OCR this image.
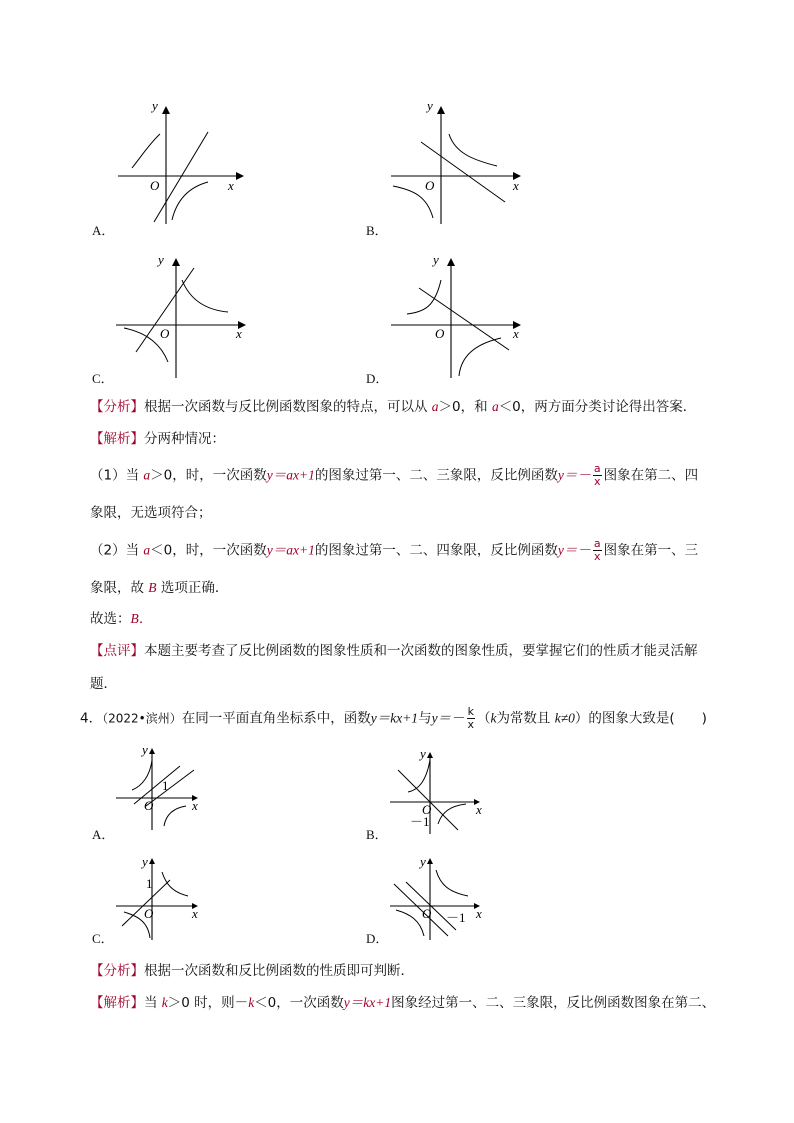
y
x
O
A．
y
x
O
B．
y
x
O
C．
y
x
O
D．
【分析】根据一次函数与反比例函数图象的特点，可以从 a＞0，和 a＜0，两方面分类讨论得出答案．
【解析】分两种情况：
（1）当 a＞0，时，一次函数y＝ax+1的图象过第一、二、三象限，反比例函数$y=- \frac{a}{x}$ 图象在第二、四
象限，无选项符合；
（2）当 a＜0，时，一次函数y＝ax+1的图象过第一、二、四象限，反比例函数$y=- \frac{a}{x}$ 图象在第一、三
象限，故 B 选项正确．
故选：B．
【点评】本题主要考查了反比例函数的图象性质和一次函数的图象性质，要掌握它们的性质才能灵活解
题．
4．（2022•滨州）在同一平面直角坐标系中，函数y＝kx+1与$y=- \frac{k}{x} (k$为常数且 k≠0）的图象大致是(　　)
y
x
O
1
A．
y
x
O
－1
B．
y
x
O
1
C．
y
x
O －1
D．
【分析】根据一次函数和反比例函数的性质即可判断．
【解析】当 k＞0 时，则－k＜0，一次函数y＝kx+1图象经过第一、二、三象限，反比例函数图象在第二、
